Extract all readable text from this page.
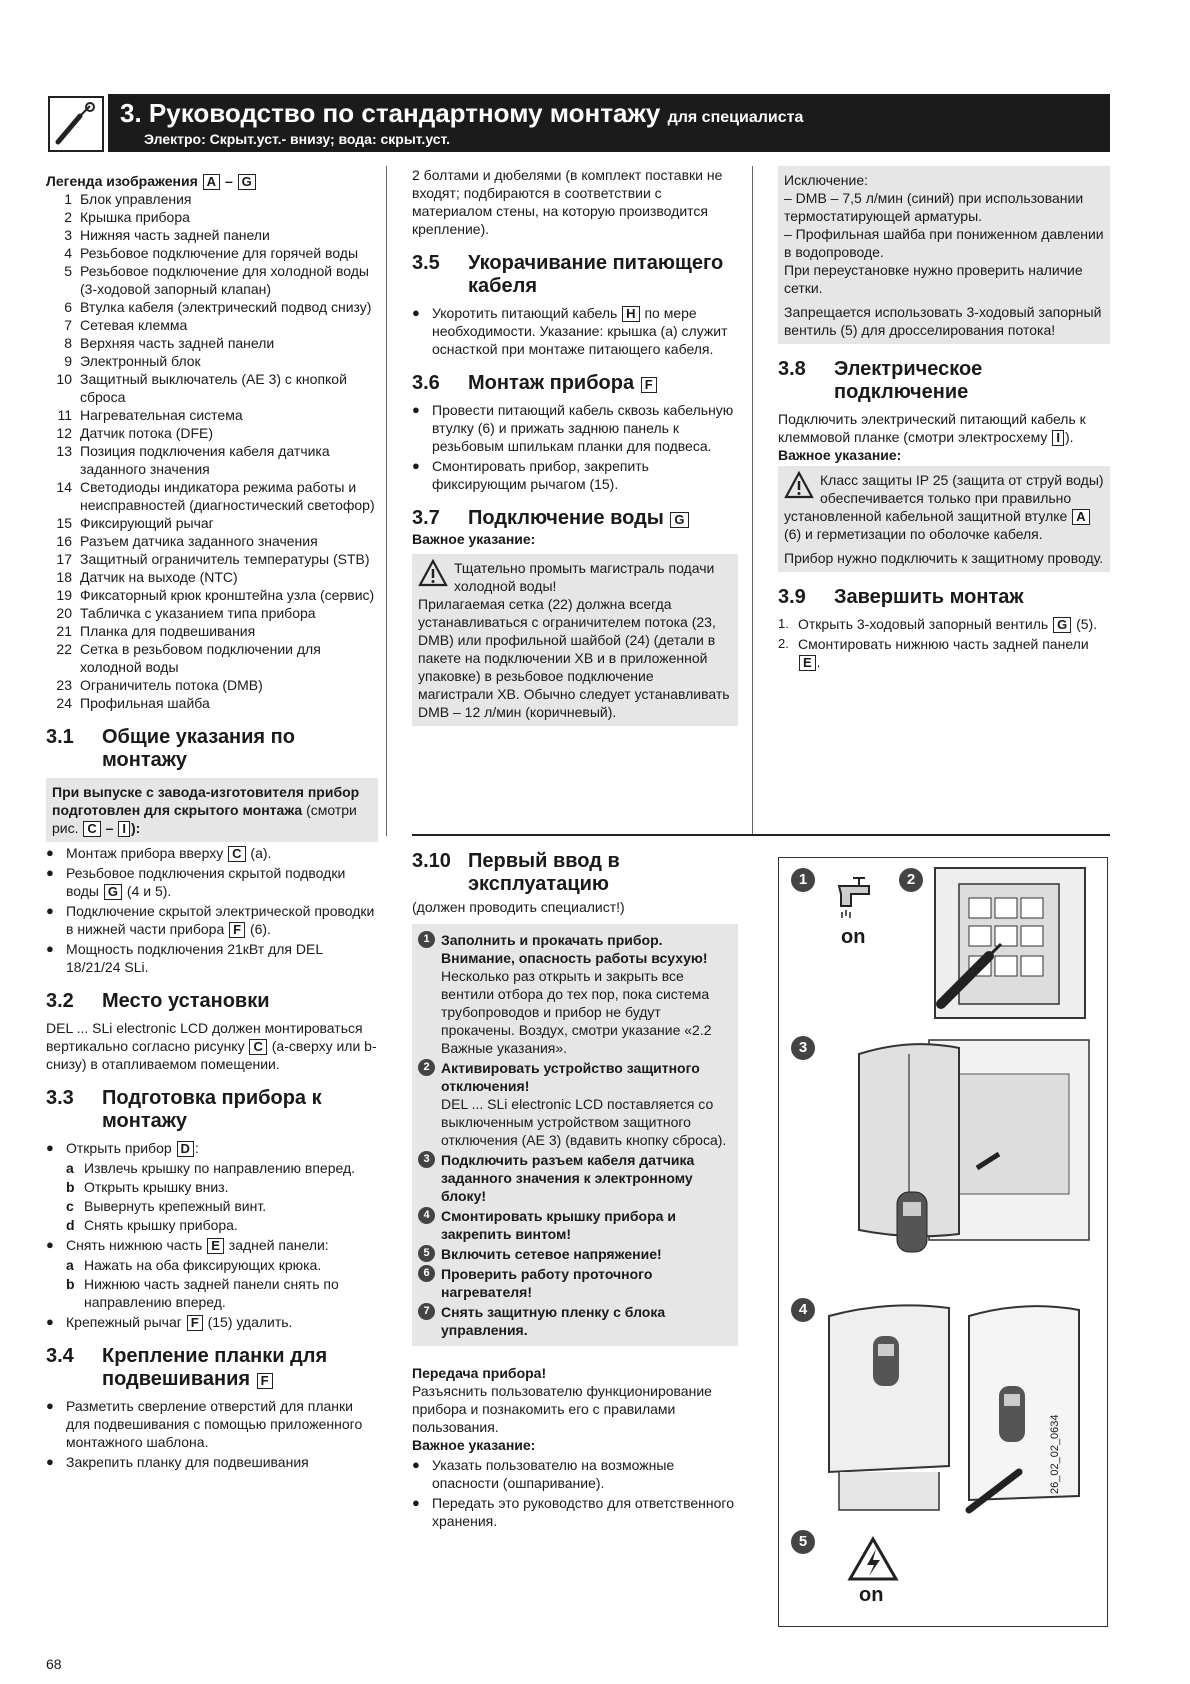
3. Руководство по стандартному монтажу для специалиста
Электро: Скрыт.уст.- внизу; вода: скрыт.уст.

Легенда изображения A – G

1 Блок управления
2 Крышка прибора
3 Нижняя часть задней панели
4 Резьбовое подключение для горячей воды
5 Резьбовое подключение для холодной воды (3-ходовой запорный клапан)
6 Втулка кабеля (электрический подвод снизу)
7 Сетевая клемма
8 Верхняя часть задней панели
9 Электронный блок
10 Защитный выключатель (AE 3) с кнопкой сброса
11 Нагревательная система
12 Датчик потока (DFE)
13 Позиция подключения кабеля датчика заданного значения
14 Светодиоды индикатора режима работы и неисправностей (диагностический светофор)
15 Фиксирующий рычаг
16 Разъем датчика заданного значения
17 Защитный ограничитель температуры (STB)
18 Датчик на выходе (NTC)
19 Фиксаторный крюк кронштейна узла (сервис)
20 Табличка с указанием типа прибора
21 Планка для подвешивания
22 Сетка в резьбовом подключении для холодной воды
23 Ограничитель потока (DMB)
24 Профильная шайба
3.1 Общие указания по монтажу
При выпуске с завода-изготовителя прибор подготовлен для скрытого монтажа (смотри рис. C – I ):
● Монтаж прибора вверху C (a).
● Резьбовое подключения скрытой подводки воды G (4 и 5).
● Подключение скрытой электрической проводки в нижней части прибора F (6).
● Мощность подключения 21кВт для DEL 18/21/24 SLi.
3.2 Место установки

DEL ... SLi electronic LCD должен монтироваться вертикально согласно рисунку C (a-сверху или b-снизу) в отапливаемом помещении.

3.3 Подготовка прибора к монтажу
● Открыть прибор D :
a Извлечь крышку по направлению вперед.
b Открыть крышку вниз.
c Вывернуть крепежный винт.
d Снять крышку прибора.
● Снять нижнюю часть E задней панели:
a Нажать на оба фиксирующих крюка.
b Нижнюю часть задней панели снять по направлению вперед.
● Крепежный рычаг F (15) удалить.
3.4 Крепление планки для подвешивания F
● Разметить сверление отверстий для планки для подвешивания с помощью приложенного монтажного шаблона.
● Закрепить планку для подвешивания

2 болтами и дюбелями (в комплект поставки не входят; подбираются в соответствии с материалом стены, на которую производится крепление).

3.5 Укорачивание питающего кабеля
● Укоротить питающий кабель H по мере необходимости. Указание: крышка (a) служит оснасткой при монтаже питающего кабеля.
3.6 Монтаж прибора F
● Провести питающий кабель сквозь кабельную втулку (6) и прижать заднюю панель к резьбовым шпилькам планки для подвеса.
● Смонтировать прибор, закрепить фиксирующим рычагом (15).
3.7 Подключение воды G

Важное указание:

Тщательно промыть магистраль подачи холодной воды!

Прилагаемая сетка (22) должна всегда устанавливаться с ограничителем потока (23, DMB) или профильной шайбой (24) (детали в пакете на подключении XB и в приложенной упаковке) в резьбовое подключение магистрали XB. Обычно следует устанавливать DMB – 12 л/мин (коричневый).

Исключение:

– DMB – 7,5 л/мин (синий) при использовании термостатирующей арматуры.

– Профильная шайба при пониженном давлении в водопроводе.

При переустановке нужно проверить наличие сетки.

Запрещается использовать 3-ходовый запорный вентиль (5) для дросселирования потока!

3.8 Электрическое подключение

Подключить электрический питающий кабель к клеммовой планке (смотри электросхему I ).

Важное указание:

Класс защиты IP 25 (защита от струй воды) обеспечивается только при правильно установленной кабельной защитной втулке A (6) и герметизации по оболочке кабеля.

Прибор нужно подключить к защитному проводу.

3.9 Завершить монтаж
1. Открыть 3-ходовый запорный вентиль G (5).
2. Смонтировать нижнюю часть задней панели E .
3.10 Первый ввод в эксплуатацию

(должен проводить специалист!)

1 Заполнить и прокачать прибор. Внимание, опасность работы всухую!
Несколько раз открыть и закрыть все вентили отбора до тех пор, пока система трубопроводов и прибор не будут прокачены. Воздух, смотри указание «2.2 Важные указания».
2 Активировать устройство защитного отключения!
DEL ... SLi electronic LCD поставляется со выключенным устройством защитного отключения (AE 3) (вдавить кнопку сброса).
3 Подключить разъем кабеля датчика заданного значения к электронному блоку!
4 Смонтировать крышку прибора и закрепить винтом!
5 Включить сетевое напряжение!
6 Проверить работу проточного нагревателя!
7 Снять защитную пленку с блока управления.

Передача прибора!

Разъяснить пользователю функционирование прибора и познакомить его с правилами пользования.

Важное указание:

● Указать пользователю на возможные опасности (ошпаривание).
● Передать это руководство для ответственного хранения.
1
on
2
3
4
5
on
26_02_02_0634
68
